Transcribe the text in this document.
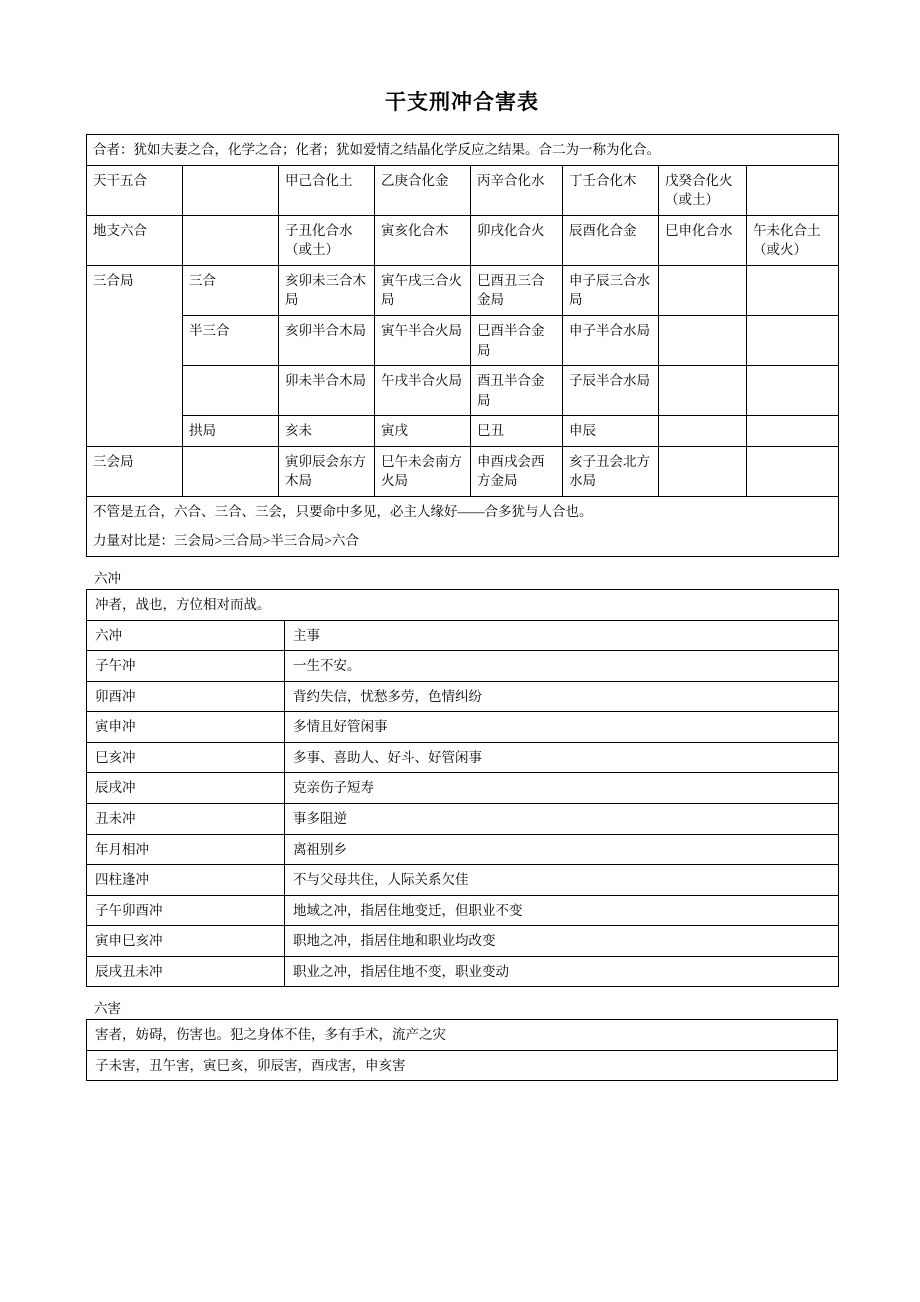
干支刑冲合害表
合者：犹如夫妻之合，化学之合；化者；犹如爱情之结晶化学反应之结果。合二为一称为化合。							
天干五合		甲己合化土	乙庚合化金	丙辛合化水	丁壬合化木	戊癸合化火（或土）	
地支六合		子丑化合水（或土）	寅亥化合木	卯戌化合火	辰酉化合金	巳申化合水	午未化合土（或火）
三合局	三合	亥卯未三合木局	寅午戌三合火局	巳酉丑三合金局	申子辰三合水局		
	半三合	亥卯半合木局	寅午半合火局	巳酉半合金局	申子半合水局		
		卯未半合木局	午戌半合火局	酉丑半合金局	子辰半合水局		
	拱局	亥未	寅戌	巳丑	申辰		
三会局		寅卯辰会东方木局	巳午未会南方火局	申酉戌会西方金局	亥子丑会北方水局		
不管是五合，六合、三合、三会，只要命中多见，必主人缘好——合多犹与人合也。							
力量对比是：三会局>三合局>半三合局>六合							
六冲
冲者，战也，方位相对而战。	
六冲	主事
子午冲	一生不安。
卯酉冲	背约失信，忧愁多劳，色情纠纷
寅申冲	多情且好管闲事
巳亥冲	多事、喜助人、好斗、好管闲事
辰戌冲	克亲伤子短寿
丑未冲	事多阻逆
年月相冲	离祖别乡
四柱逢冲	不与父母共住，人际关系欠佳
子午卯酉冲	地域之冲，指居住地变迁，但职业不变
寅申巳亥冲	职地之冲，指居住地和职业均改变
辰戌丑未冲	职业之冲，指居住地不变，职业变动
六害
害者，妨碍，伤害也。犯之身体不佳，多有手术，流产之灾
子未害，丑午害，寅巳亥，卯辰害，酉戌害，申亥害
